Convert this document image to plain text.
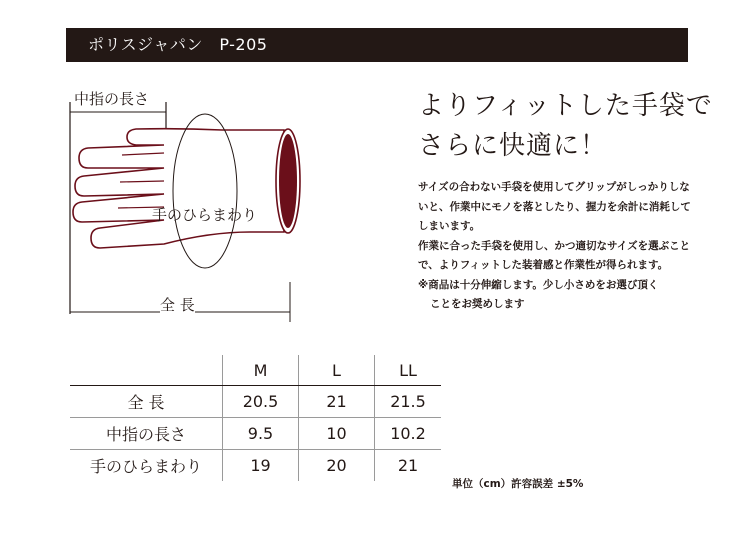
ポリスジャパン　P-205
中指の長さ
手のひらまわり
全 長
よりフィットした手袋で
さらに快適に！

サイズの合わない手袋を使用してグリップがしっかりしないと、作業中にモノを落としたり、握力を余計に消耗してしまいます。

作業に合った手袋を使用し、かつ適切なサイズを選ぶことで、よりフィットした装着感と作業性が得られます。

※商品は十分伸縮します。少し小さめをお選び頂く

ことをお奨めします

	M	L	LL
全 長	20.5	21	21.5
中指の長さ	9.5	10	10.2
手のひらまわり	19	20	21
単位（cm）許容誤差 ±5%
